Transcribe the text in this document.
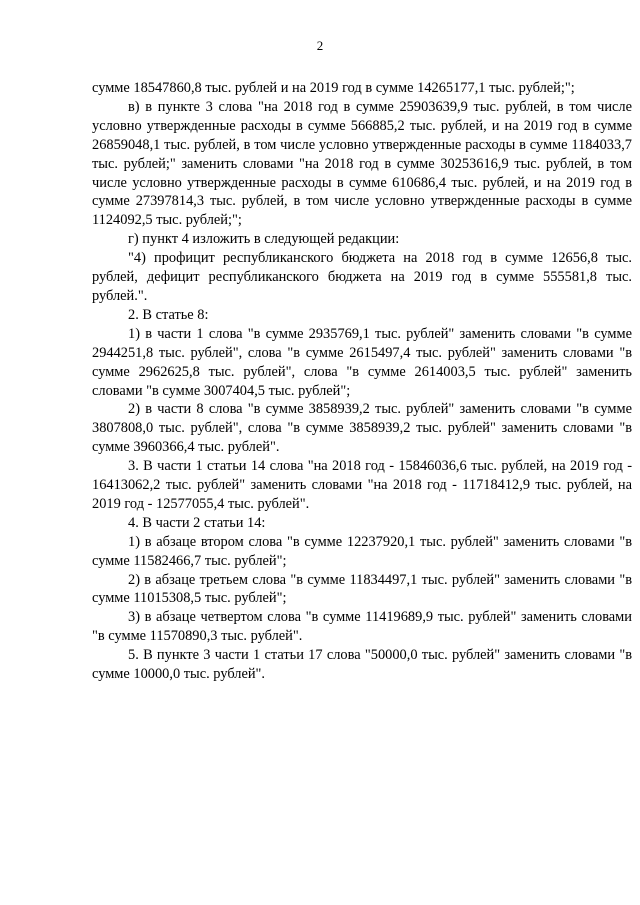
2

сумме 18547860,8 тыс. рублей и на 2019 год в сумме 14265177,1 тыс. рублей;";

в) в пункте 3 слова "на 2018 год в сумме 25903639,9 тыс. рублей, в том числе условно утвержденные расходы в сумме 566885,2 тыс. рублей, и на 2019 год в сумме 26859048,1 тыс. рублей, в том числе условно утвержденные расходы в сумме 1184033,7 тыс. рублей;" заменить словами "на 2018 год в сумме 30253616,9 тыс. рублей, в том числе условно утвержденные расходы в сумме 610686,4 тыс. рублей, и на 2019 год в сумме 27397814,3 тыс. рублей, в том числе условно утвержденные расходы в сумме 1124092,5 тыс. рублей;";

г) пункт 4 изложить в следующей редакции:

"4) профицит республиканского бюджета на 2018 год в сумме 12656,8 тыс. рублей, дефицит республиканского бюджета на 2019 год в сумме 555581,8 тыс. рублей.".

2. В статье 8:

1) в части 1 слова "в сумме 2935769,1 тыс. рублей" заменить словами "в сумме 2944251,8 тыс. рублей", слова "в сумме 2615497,4 тыс. рублей" заменить словами "в сумме 2962625,8 тыс. рублей", слова "в сумме 2614003,5 тыс. рублей" заменить словами "в сумме 3007404,5 тыс. рублей";

2) в части 8 слова "в сумме 3858939,2 тыс. рублей" заменить словами "в сумме 3807808,0 тыс. рублей", слова "в сумме 3858939,2 тыс. рублей" заменить словами "в сумме 3960366,4 тыс. рублей".

3. В части 1 статьи 14 слова "на 2018 год - 15846036,6 тыс. рублей, на 2019 год - 16413062,2 тыс. рублей" заменить словами "на 2018 год - 11718412,9 тыс. рублей, на 2019 год - 12577055,4 тыс. рублей".

4. В части 2 статьи 14:

1) в абзаце втором слова "в сумме 12237920,1 тыс. рублей" заменить словами "в сумме 11582466,7 тыс. рублей";

2) в абзаце третьем слова "в сумме 11834497,1 тыс. рублей" заменить словами "в сумме 11015308,5 тыс. рублей";

3) в абзаце четвертом слова "в сумме 11419689,9 тыс. рублей" заменить словами "в сумме 11570890,3 тыс. рублей".

5. В пункте 3 части 1 статьи 17 слова "50000,0 тыс. рублей" заменить словами "в сумме 10000,0 тыс. рублей".
